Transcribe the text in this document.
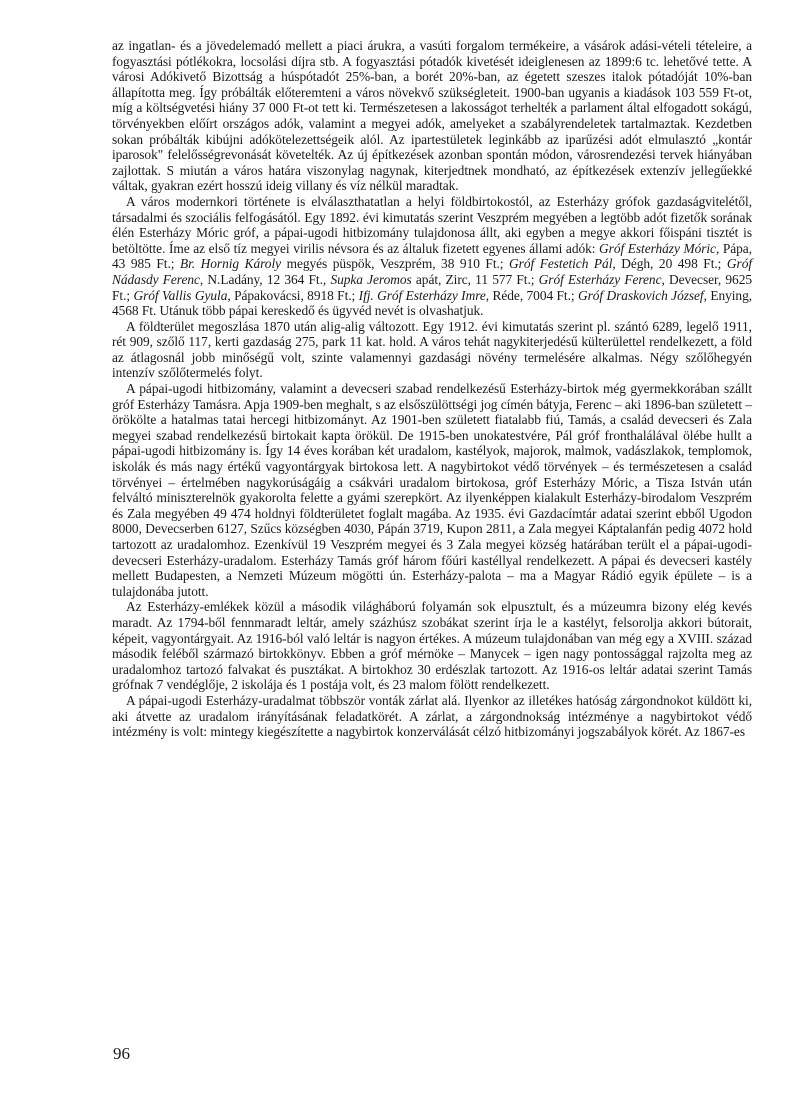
az ingatlan- és a jövedelemadó mellett a piaci árukra, a vasúti forgalom termékeire, a vásárok adási-vételi tételeire, a fogyasztási pótlékokra, locsolási díjra stb. A fogyasztási pótadók kivetését ideiglenesen az 1899:6 tc. lehetővé tette. A városi Adókivető Bizottság a húspótadót 25%-ban, a borét 20%-ban, az égetett szeszes italok pótadóját 10%-ban állapította meg. Így próbálták előteremteni a város növekvő szükségleteit. 1900-ban ugyanis a kiadások 103 559 Ft-ot, míg a költségvetési hiány 37 000 Ft-ot tett ki. Természetesen a lakosságot terhelték a parlament által elfogadott sokágú, törvényekben előírt országos adók, valamint a megyei adók, amelyeket a szabályrendeletek tartalmaztak. Kezdetben sokan próbálták kibújni adókötelezettségeik alól. Az ipartestületek leginkább az iparűzési adót elmulasztó „kontár iparosok" felelősségrevonását követelték. Az új építkezések azonban spontán módon, városrendezési tervek hiányában zajlottak. S miután a város határa viszonylag nagynak, kiterjedtnek mondható, az építkezések extenzív jellegűekké váltak, gyakran ezért hosszú ideig villany és víz nélkül maradtak.

A város modernkori története is elválaszthatatlan a helyi földbirtokostól, az Esterházy grófok gazdaságvitelétől, társadalmi és szociális felfogásától. Egy 1892. évi kimutatás szerint Veszprém megyében a legtöbb adót fizetők sorának élén Esterházy Móric gróf, a pápai-ugodi hitbizomány tulajdonosa állt, aki egyben a megye akkori főispáni tisztét is betöltötte. Íme az első tíz megyei virilis névsora és az általuk fizetett egyenes állami adók: Gróf Esterházy Móric, Pápa, 43 985 Ft.; Br. Hornig Károly megyés püspök, Veszprém, 38 910 Ft.; Gróf Festetich Pál, Dégh, 20 498 Ft.; Gróf Nádasdy Ferenc, N.Ladány, 12 364 Ft., Supka Jeromos apát, Zirc, 11 577 Ft.; Gróf Esterházy Ferenc, Devecser, 9625 Ft.; Gróf Vallis Gyula, Pápakovácsi, 8918 Ft.; Ifj. Gróf Esterházy Imre, Réde, 7004 Ft.; Gróf Draskovich József, Enying, 4568 Ft. Utánuk több pápai kereskedő és ügyvéd nevét is olvashatjuk.

A földterület megoszlása 1870 után alig-alig változott. Egy 1912. évi kimutatás szerint pl. szántó 6289, legelő 1911, rét 909, szőlő 117, kerti gazdaság 275, park 11 kat. hold. A város tehát nagykiterjedésű külterülettel rendelkezett, a föld az átlagosnál jobb minőségű volt, szinte valamennyi gazdasági növény termelésére alkalmas. Négy szőlőhegyén intenzív szőlőtermelés folyt.

A pápai-ugodi hitbizomány, valamint a devecseri szabad rendelkezésű Esterházy-birtok még gyermekkorában szállt gróf Esterházy Tamásra. Apja 1909-ben meghalt, s az elsőszülöttségi jog címén bátyja, Ferenc – aki 1896-ban született – örökölte a hatalmas tatai hercegi hitbizományt. Az 1901-ben született fiatalabb fiú, Tamás, a család devecseri és Zala megyei szabad rendelkezésű birtokait kapta örökül. De 1915-ben unokatestvére, Pál gróf fronthalálával ölébe hullt a pápai-ugodi hitbizomány is. Így 14 éves korában két uradalom, kastélyok, majorok, malmok, vadászlakok, templomok, iskolák és más nagy értékű vagyontárgyak birtokosa lett. A nagybirtokot védő törvények – és természetesen a család törvényei – értelmében nagykorúságáig a csákvári uradalom birtokosa, gróf Esterházy Móric, a Tisza István után felváltó miniszterelnök gyakorolta felette a gyámi szerepkört. Az ilyenképpen kialakult Esterházy-birodalom Veszprém és Zala megyében 49 474 holdnyi földterületet foglalt magába. Az 1935. évi Gazdacímtár adatai szerint ebből Ugodon 8000, Devecserben 6127, Szűcs községben 4030, Pápán 3719, Kupon 2811, a Zala megyei Káptalanfán pedig 4072 hold tartozott az uradalomhoz. Ezenkívül 19 Veszprém megyei és 3 Zala megyei község határában terült el a pápai-ugodi-devecseri Esterházy-uradalom. Esterházy Tamás gróf három főúri kastéllyal rendelkezett. A pápai és devecseri kastély mellett Budapesten, a Nemzeti Múzeum mögötti ún. Esterházy-palota – ma a Magyar Rádió egyik épülete – is a tulajdonába jutott.

Az Esterházy-emlékek közül a második világháború folyamán sok elpusztult, és a múzeumra bizony elég kevés maradt. Az 1794-ből fennmaradt leltár, amely százhúsz szobákat szerint írja le a kastélyt, felsorolja akkori bútorait, képeit, vagyontárgyait. Az 1916-ból való leltár is nagyon értékes. A múzeum tulajdonában van még egy a XVIII. század második feléből származó birtokkönyv. Ebben a gróf mérnöke – Manycek – igen nagy pontossággal rajzolta meg az uradalomhoz tartozó falvakat és pusztákat. A birtokhoz 30 erdészlak tartozott. Az 1916-os leltár adatai szerint Tamás grófnak 7 vendéglője, 2 iskolája és 1 postája volt, és 23 malom fölött rendelkezett.

A pápai-ugodi Esterházy-uradalmat többször vonták zárlat alá. Ilyenkor az illetékes hatóság zárgondnokot küldött ki, aki átvette az uradalom irányításának feladatkörét. A zárlat, a zárgondnokság intézménye a nagybirtokot védő intézmény is volt: mintegy kiegészítette a nagybirtok konzerválását célzó hitbizományi jogszabályok körét. Az 1867-es

96
